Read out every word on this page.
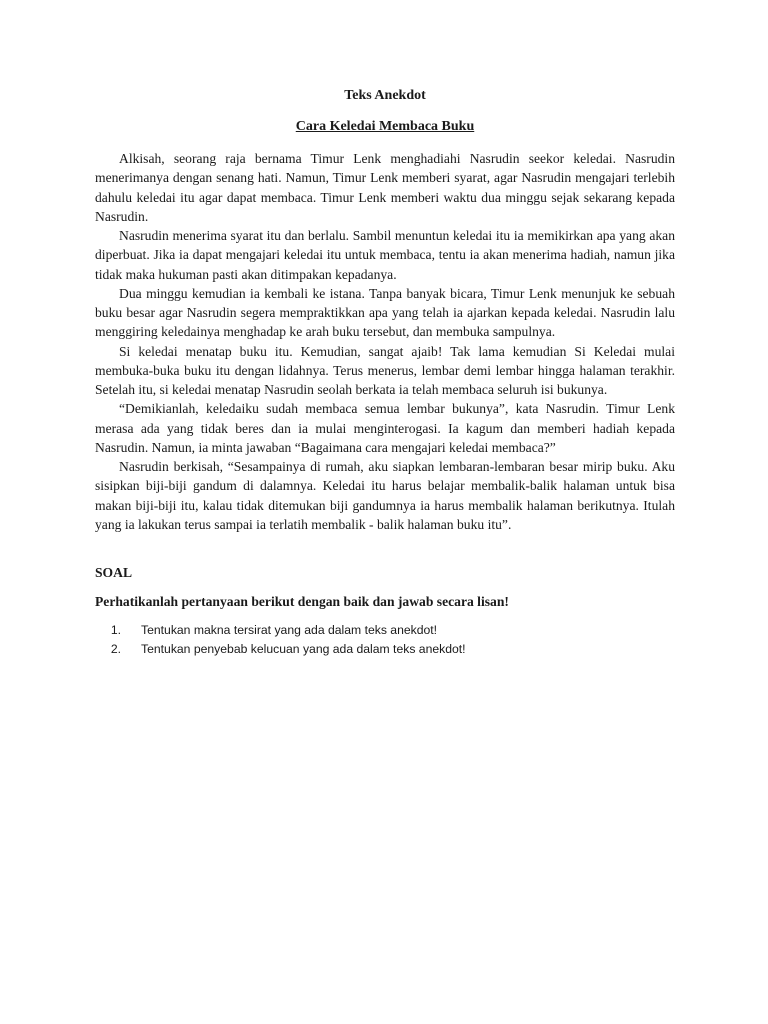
Teks Anekdot
Cara Keledai Membaca Buku

Alkisah, seorang raja bernama Timur Lenk menghadiahi Nasrudin seekor keledai. Nasrudin menerimanya dengan senang hati. Namun, Timur Lenk memberi syarat, agar Nasrudin mengajari terlebih dahulu keledai itu agar dapat membaca. Timur Lenk memberi waktu dua minggu sejak sekarang kepada Nasrudin.

Nasrudin menerima syarat itu dan berlalu. Sambil menuntun keledai itu ia memikirkan apa yang akan diperbuat. Jika ia dapat mengajari keledai itu untuk membaca, tentu ia akan menerima hadiah, namun jika tidak maka hukuman pasti akan ditimpakan kepadanya.

Dua minggu kemudian ia kembali ke istana. Tanpa banyak bicara, Timur Lenk menunjuk ke sebuah buku besar agar Nasrudin segera mempraktikkan apa yang telah ia ajarkan kepada keledai. Nasrudin lalu menggiring keledainya menghadap ke arah buku tersebut, dan membuka sampulnya.

Si keledai menatap buku itu. Kemudian, sangat ajaib! Tak lama kemudian Si Keledai mulai membuka-buka buku itu dengan lidahnya. Terus menerus, lembar demi lembar hingga halaman terakhir. Setelah itu, si keledai menatap Nasrudin seolah berkata ia telah membaca seluruh isi bukunya.

“Demikianlah, keledaiku sudah membaca semua lembar bukunya”, kata Nasrudin. Timur Lenk merasa ada yang tidak beres dan ia mulai menginterogasi. Ia kagum dan memberi hadiah kepada Nasrudin. Namun, ia minta jawaban “Bagaimana cara mengajari keledai membaca?”

Nasrudin berkisah, “Sesampainya di rumah, aku siapkan lembaran-lembaran besar mirip buku. Aku sisipkan biji-biji gandum di dalamnya. Keledai itu harus belajar membalik-balik halaman untuk bisa makan biji-biji itu, kalau tidak ditemukan biji gandumnya ia harus membalik halaman berikutnya. Itulah yang ia lakukan terus sampai ia terlatih membalik - balik halaman buku itu”.

SOAL

Perhatikanlah pertanyaan berikut dengan baik dan jawab secara lisan!

1.	Tentukan makna tersirat yang ada dalam teks anekdot!
2.	Tentukan penyebab kelucuan yang ada dalam teks anekdot!
